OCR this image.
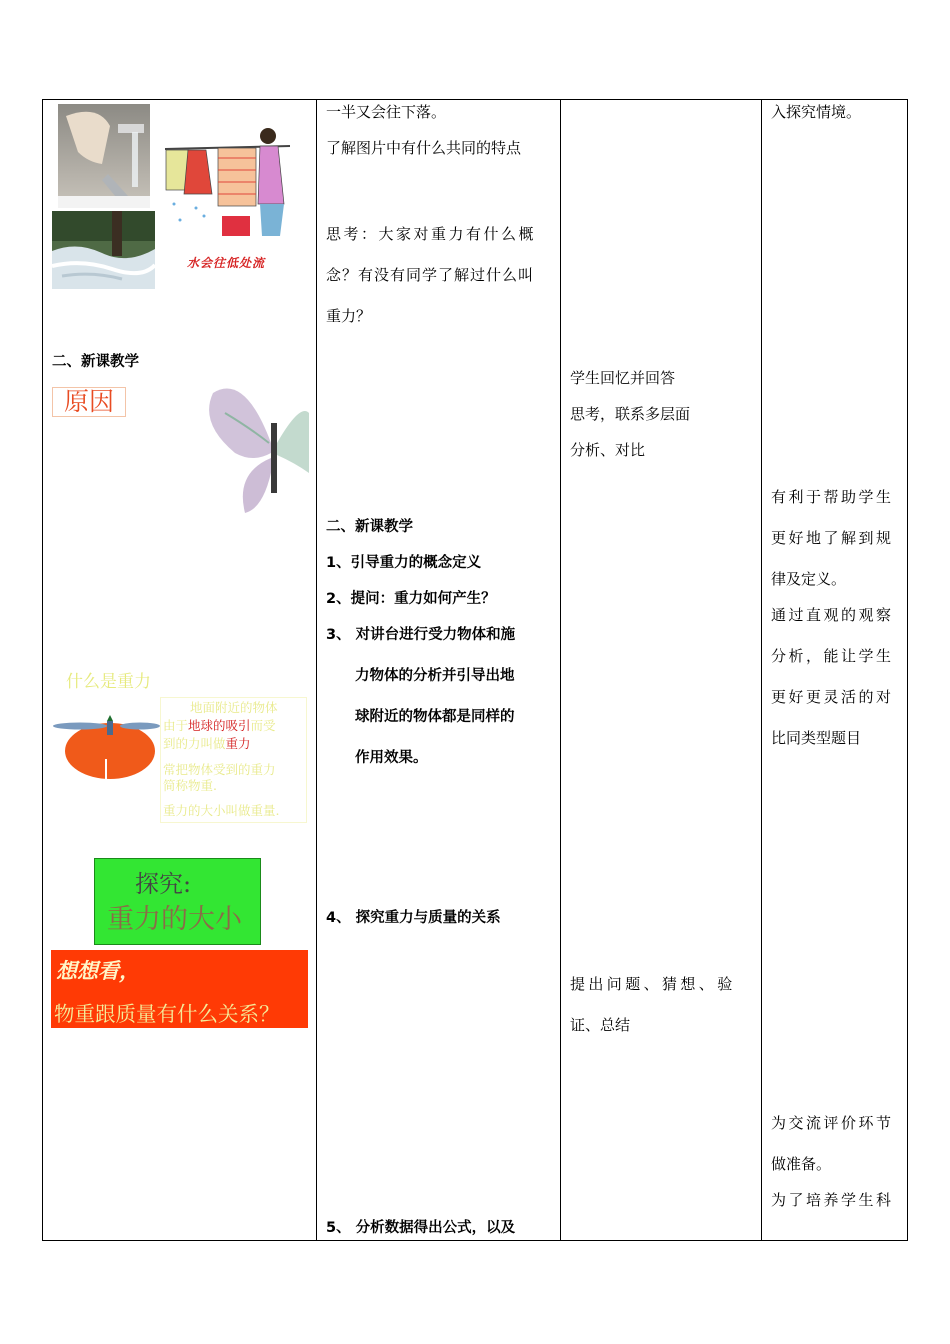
水会往低处流
二、新课教学
原因
什么是重力
地面附近的物体
由于地球的吸引而受
到的力叫做重力
常把物体受到的重力
简称物重.
重力的大小叫做重量.
探究:
重力的大小
想想看，
物重跟质量有什么关系？
一半又会往下落。
了解图片中有什么共同的特点
思考：大家对重力有什么概
念？有没有同学了解过什么叫
重力？
二、新课教学
1、引导重力的概念定义
2、提问：重力如何产生？
3、 对讲台进行受力物体和施
力物体的分析并引导出地
球附近的物体都是同样的
作用效果。
4、 探究重力与质量的关系
5、 分析数据得出公式，以及
学生回忆并回答
思考，联系多层面
分析、对比
提出问题、猜想、验
证、总结
入探究情境。
有利于帮助学生
更好地了解到规
律及定义。
通过直观的观察
分析，能让学生
更好更灵活的对
比同类型题目
为交流评价环节
做准备。
为了培养学生科
